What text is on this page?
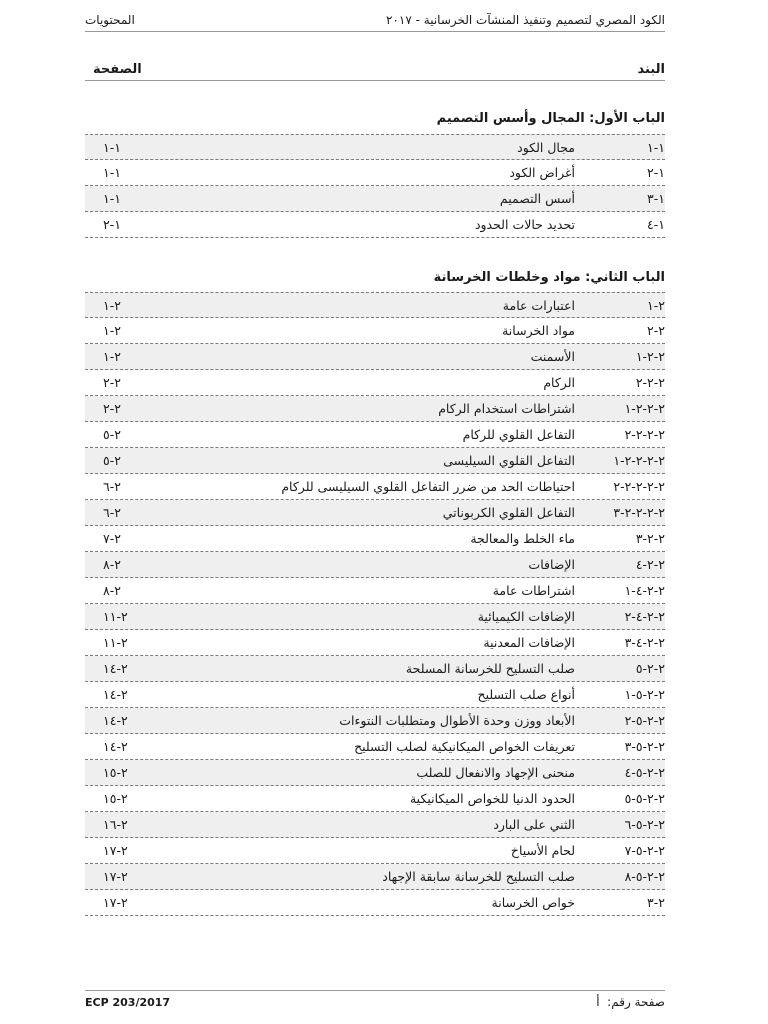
الكود المصري لتصميم وتنفيذ المنشآت الخرسانية - ٢٠١٧
المحتويات
البند
الصفحة
الباب الأول: المجال وأسس التصميم
١-١
مجال الكود
١-١
١-٢
أغراض الكود
١-١
١-٣
أسس التصميم
١-١
١-٤
تحديد حالات الحدود
١-٢
الباب الثاني: مواد وخلطات الخرسانة
٢-١
اعتبارات عامة
٢-١
٢-٢
مواد الخرسانة
٢-١
٢-٢-١
الأسمنت
٢-١
٢-٢-٢
الركام
٢-٢
٢-٢-٢-١
اشتراطات استخدام الركام
٢-٢
٢-٢-٢-٢
التفاعل القلوي للركام
٢-٥
٢-٢-٢-٢-١
التفاعل القلوي السيليسى
٢-٥
٢-٢-٢-٢-٢
احتياطات الحد من ضرر التفاعل القلوي السيليسى للركام
٢-٦
٢-٢-٢-٢-٣
التفاعل القلوي الكربوناتي
٢-٦
٢-٢-٣
ماء الخلط والمعالجة
٢-٧
٢-٢-٤
الإضافات
٢-٨
٢-٢-٤-١
اشتراطات عامة
٢-٨
٢-٢-٤-٢
الإضافات الكيميائية
٢-١١
٢-٢-٤-٣
الإضافات المعدنية
٢-١١
٢-٢-٥
صلب التسليح للخرسانة المسلحة
٢-١٤
٢-٢-٥-١
أنواع صلب التسليح
٢-١٤
٢-٢-٥-٢
الأبعاد ووزن وحدة الأطوال ومتطلبات النتوءات
٢-١٤
٢-٢-٥-٣
تعريفات الخواص الميكانيكية لصلب التسليح
٢-١٤
٢-٢-٥-٤
منحنى الإجهاد والانفعال للصلب
٢-١٥
٢-٢-٥-٥
الحدود الدنيا للخواص الميكانيكية
٢-١٥
٢-٢-٥-٦
الثني على البارد
٢-١٦
٢-٢-٥-٧
لحام الأسياخ
٢-١٧
٢-٢-٥-٨
صلب التسليح للخرسانة سابقة الإجهاد
٢-١٧
٢-٣
خواص الخرسانة
٢-١٧
صفحة رقم:  أ
ECP 203/2017
